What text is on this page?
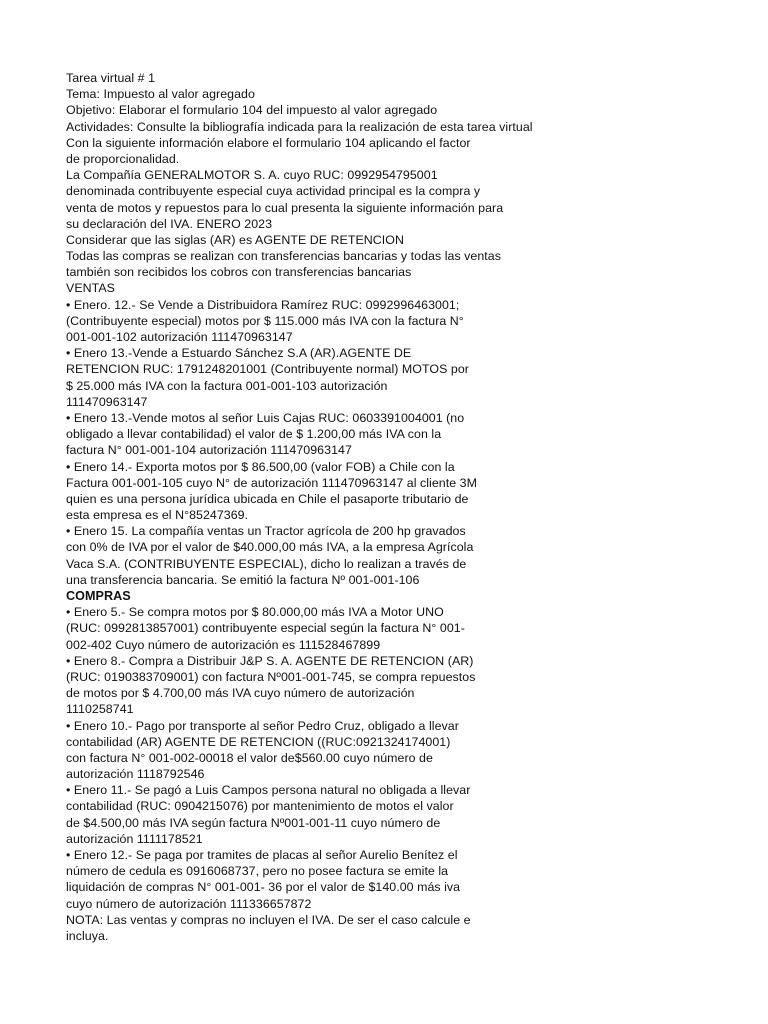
Tarea virtual # 1
Tema: Impuesto al valor agregado
Objetivo: Elaborar el formulario 104 del impuesto al valor agregado
Actividades: Consulte la bibliografía indicada para la realización de esta tarea virtual
Con la siguiente información elabore el formulario 104 aplicando el factor
de proporcionalidad.
La Compañía GENERALMOTOR S. A. cuyo RUC: 0992954795001
denominada contribuyente especial cuya actividad principal es la compra y
venta de motos y repuestos para lo cual presenta la siguiente información para
su declaración del IVA. ENERO 2023
Considerar que las siglas (AR) es AGENTE DE RETENCION
Todas las compras se realizan con transferencias bancarias y todas las ventas
también son recibidos los cobros con transferencias bancarias
VENTAS
• Enero. 12.- Se Vende a Distribuidora Ramírez RUC: 0992996463001;
(Contribuyente especial) motos por $ 115.000 más IVA con la factura N°
001-001-102 autorización 111470963147
• Enero 13.-Vende a Estuardo Sánchez S.A (AR).AGENTE DE
RETENCION RUC: 1791248201001 (Contribuyente normal) MOTOS por
$ 25.000 más IVA con la factura 001-001-103 autorización
111470963147
• Enero 13.-Vende motos al señor Luis Cajas RUC: 0603391004001 (no
obligado a llevar contabilidad) el valor de $ 1.200,00 más IVA con la
factura N° 001-001-104 autorización 111470963147
• Enero 14.- Exporta motos por $ 86.500,00 (valor FOB) a Chile con la
Factura 001-001-105 cuyo N° de autorización 111470963147 al cliente 3M
quien es una persona jurídica ubicada en Chile el pasaporte tributario de
esta empresa es el N°85247369.
• Enero 15. La compañía ventas un Tractor agrícola de 200 hp gravados
con 0% de IVA por el valor de $40.000,00 más IVA, a la empresa Agrícola
Vaca S.A. (CONTRIBUYENTE ESPECIAL), dicho lo realizan a través de
una transferencia bancaria. Se emitió la factura Nº 001-001-106
COMPRAS
• Enero 5.- Se compra motos por $ 80.000,00 más IVA a Motor UNO
(RUC: 0992813857001) contribuyente especial según la factura N° 001-
002-402 Cuyo número de autorización es 111528467899
• Enero 8.- Compra a Distribuir J&P S. A. AGENTE DE RETENCION (AR)
(RUC: 0190383709001) con factura Nº001-001-745, se compra repuestos
de motos por $ 4.700,00 más IVA cuyo número de autorización
1110258741
• Enero 10.- Pago por transporte al señor Pedro Cruz, obligado a llevar
contabilidad (AR) AGENTE DE RETENCION ((RUC:0921324174001)
con factura N° 001-002-00018 el valor de$560.00 cuyo número de
autorización 1118792546
• Enero 11.- Se pagó a Luis Campos persona natural no obligada a llevar
contabilidad (RUC: 0904215076) por mantenimiento de motos el valor
de $4.500,00 más IVA según factura Nº001-001-11 cuyo número de
autorización 1111178521
• Enero 12.- Se paga por tramites de placas al señor Aurelio Benítez el
número de cedula es 0916068737, pero no posee factura se emite la
liquidación de compras N° 001-001- 36 por el valor de $140.00 más iva
cuyo número de autorización 111336657872
NOTA: Las ventas y compras no incluyen el IVA. De ser el caso calcule e
incluya.
